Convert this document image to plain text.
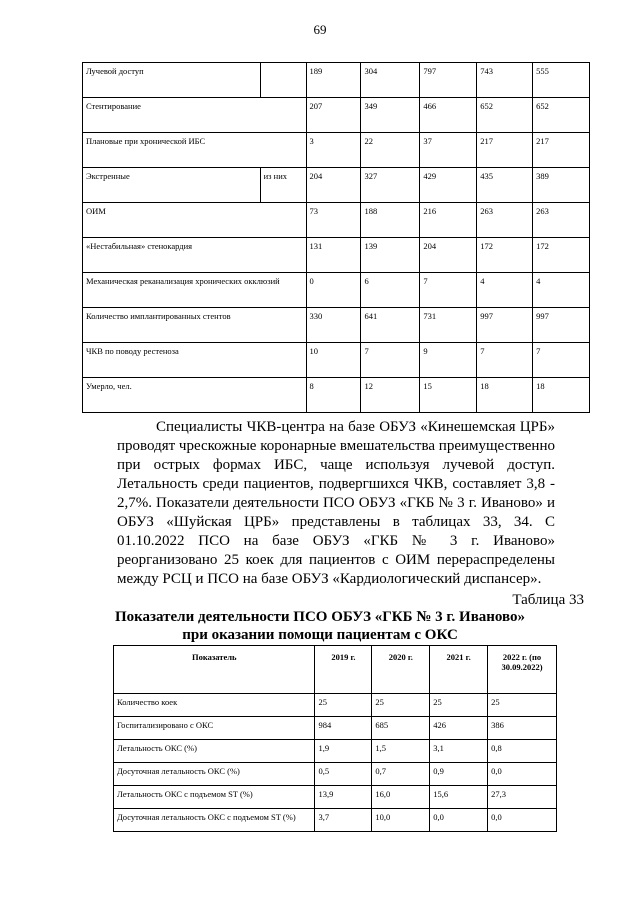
69
Лучевой доступ		189	304	797	743	555
Стентирование		207	349	466	652	652
Плановые при хронической ИБС		3	22	37	217	217
Экстренные	из них	204	327	429	435	389
ОИМ		73	188	216	263	263
«Нестабильная» стенокардия		131	139	204	172	172
Механическая реканализация хронических окклюзий		0	6	7	4	4
Количество имплантированных стентов		330	641	731	997	997
ЧКВ по поводу рестеноза		10	7	9	7	7
Умерло, чел.		8	12	15	18	18
Специалисты ЧКВ-центра на базе ОБУЗ «Кинешемская ЦРБ» проводят чрескожные коронарные вмешательства преимущественно при острых формах ИБС, чаще используя лучевой доступ. Летальность среди пациентов, подвергшихся ЧКВ, составляет 3,8 - 2,7%. Показатели деятельности ПСО ОБУЗ «ГКБ № 3 г. Иваново» и ОБУЗ «Шуйская ЦРБ» представлены в таблицах 33, 34. С 01.10.2022 ПСО на базе ОБУЗ «ГКБ № 3 г. Иваново» реорганизовано 25 коек для пациентов с ОИМ перераспределены между РСЦ и ПСО на базе ОБУЗ «Кардиологический диспансер».
Таблица 33
Показатели деятельности ПСО ОБУЗ «ГКБ № 3 г. Иваново»
при оказании помощи пациентам с ОКС
Показатель	2019 г.	2020 г.	2021 г.	2022 г. (по 30.09.2022)
Количество коек	25	25	25	25
Госпитализировано с ОКС	984	685	426	386
Летальность ОКС (%)	1,9	1,5	3,1	0,8
Досуточная летальность ОКС (%)	0,5	0,7	0,9	0,0
Летальность ОКС с подъемом ST (%)	13,9	16,0	15,6	27,3
Досуточная летальность ОКС с подъемом ST (%)	3,7	10,0	0,0	0,0
